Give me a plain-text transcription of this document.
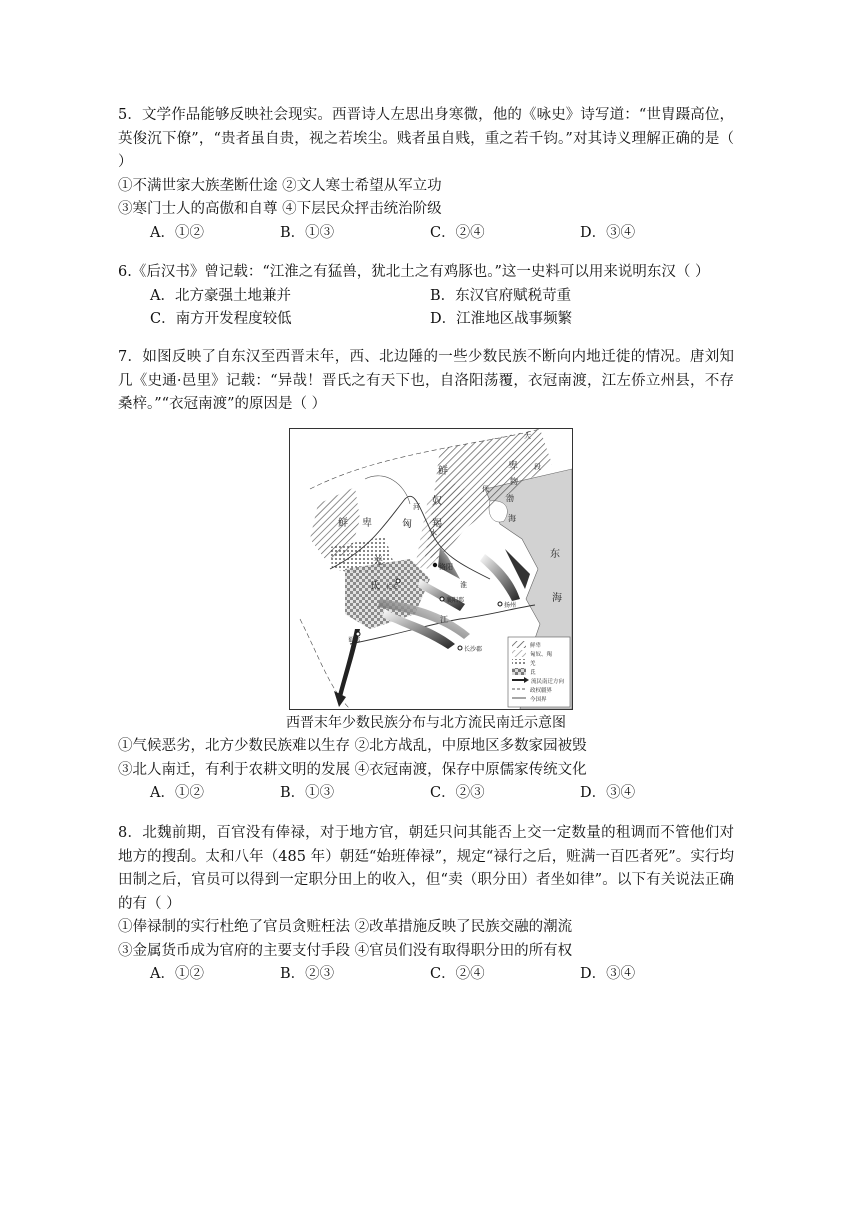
5．文学作品能够反映社会现实。西晋诗人左思出身寒微，他的《咏史》诗写道：“世胄蹑高位，英俊沉下僚”，“贵者虽自贵，视之若埃尘。贱者虽自贱，重之若千钧。”对其诗义理解正确的是（ ）
①不满世家大族垄断仕途 ②文人寒士希望从军立功
③寒门士人的高傲和自尊 ④下层民众抨击统治阶级
A．①②	B．①③	C．②④	D．③④
6.《后汉书》曾记载：“江淮之有猛兽，犹北土之有鸡豚也。”这一史料可以用来说明东汉（ ）
A．北方豪强土地兼并	B．东汉官府赋税苛重
C．南方开发程度较低	D．江淮地区战事频繁
7．如图反映了自东汉至西晋末年，西、北边陲的一些少数民族不断向内地迁徙的情况。唐刘知几《史通·邑里》记载：“异哉！晋氏之有天下也，自洛阳荡覆，衣冠南渡，江左侨立州县，不存桑梓。”“衣冠南渡”的原因是（ ）
鲜	卑
鲜 卑	匈
奴
羯
羌
氐
洛阳
长安
襄阳郡
扬州
蜀郡
长沙郡
江
河
水
渤
海
东
海
大
段
代
物
淮
鲜卑
匈奴、羯
羌
氐
流民南迁方向
政权疆界
今国界
西晋末年少数民族分布与北方流民南迁示意图
①气候恶劣，北方少数民族难以生存 ②北方战乱，中原地区多数家园被毁
③北人南迁，有利于农耕文明的发展 ④衣冠南渡，保存中原儒家传统文化
A．①②	B．①③	C．②③	D．③④
8．北魏前期，百官没有俸禄，对于地方官，朝廷只问其能否上交一定数量的租调而不管他们对地方的搜刮。太和八年（485 年）朝廷“始班俸禄”，规定“禄行之后，赃满一百匹者死”。实行均田制之后，官员可以得到一定职分田上的收入，但“卖（职分田）者坐如律”。以下有关说法正确的有（ ）
①俸禄制的实行杜绝了官员贪赃枉法 ②改革措施反映了民族交融的潮流
③金属货币成为官府的主要支付手段 ④官员们没有取得职分田的所有权
A．①②	B．②③	C．②④	D．③④
